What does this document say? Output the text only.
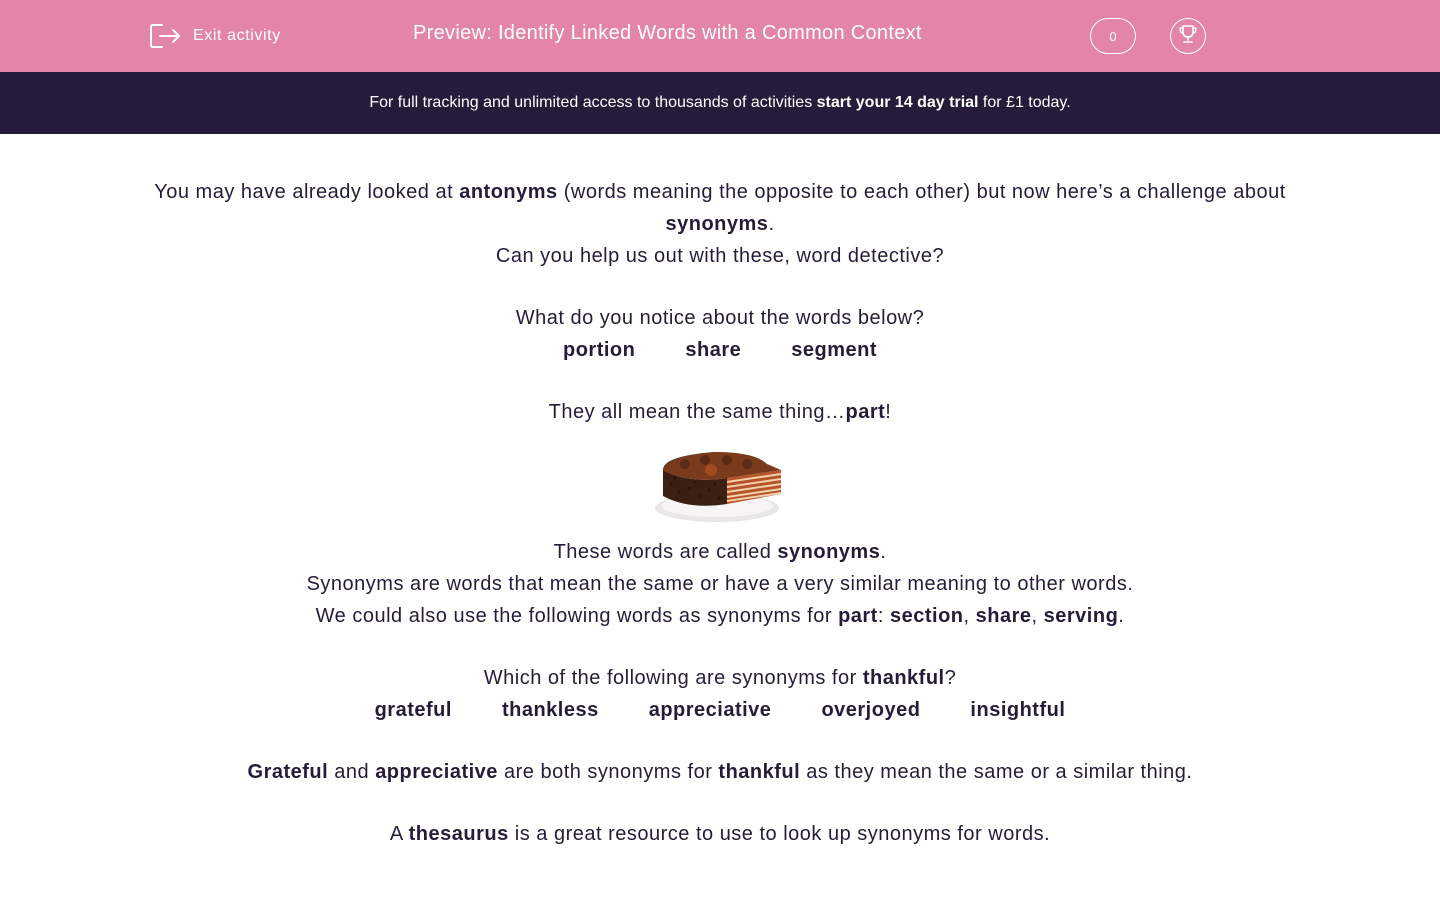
Exit activity	Preview: Identify Linked Words with a Common Context	0
For full tracking and unlimited access to thousands of activities start your 14 day trial for £1 today.

You may have already looked at antonyms (words meaning the opposite to each other) but now here’s a challenge about synonyms.

Can you help us out with these, word detective?

What do you notice about the words below?

portion	share	segment

They all mean the same thing…part!

These words are called synonyms.

Synonyms are words that mean the same or have a very similar meaning to other words.

We could also use the following words as synonyms for part: section, share, serving.

Which of the following are synonyms for thankful?

grateful	thankless	appreciative	overjoyed	insightful

Grateful and appreciative are both synonyms for thankful as they mean the same or a similar thing.

A thesaurus is a great resource to use to look up synonyms for words.
